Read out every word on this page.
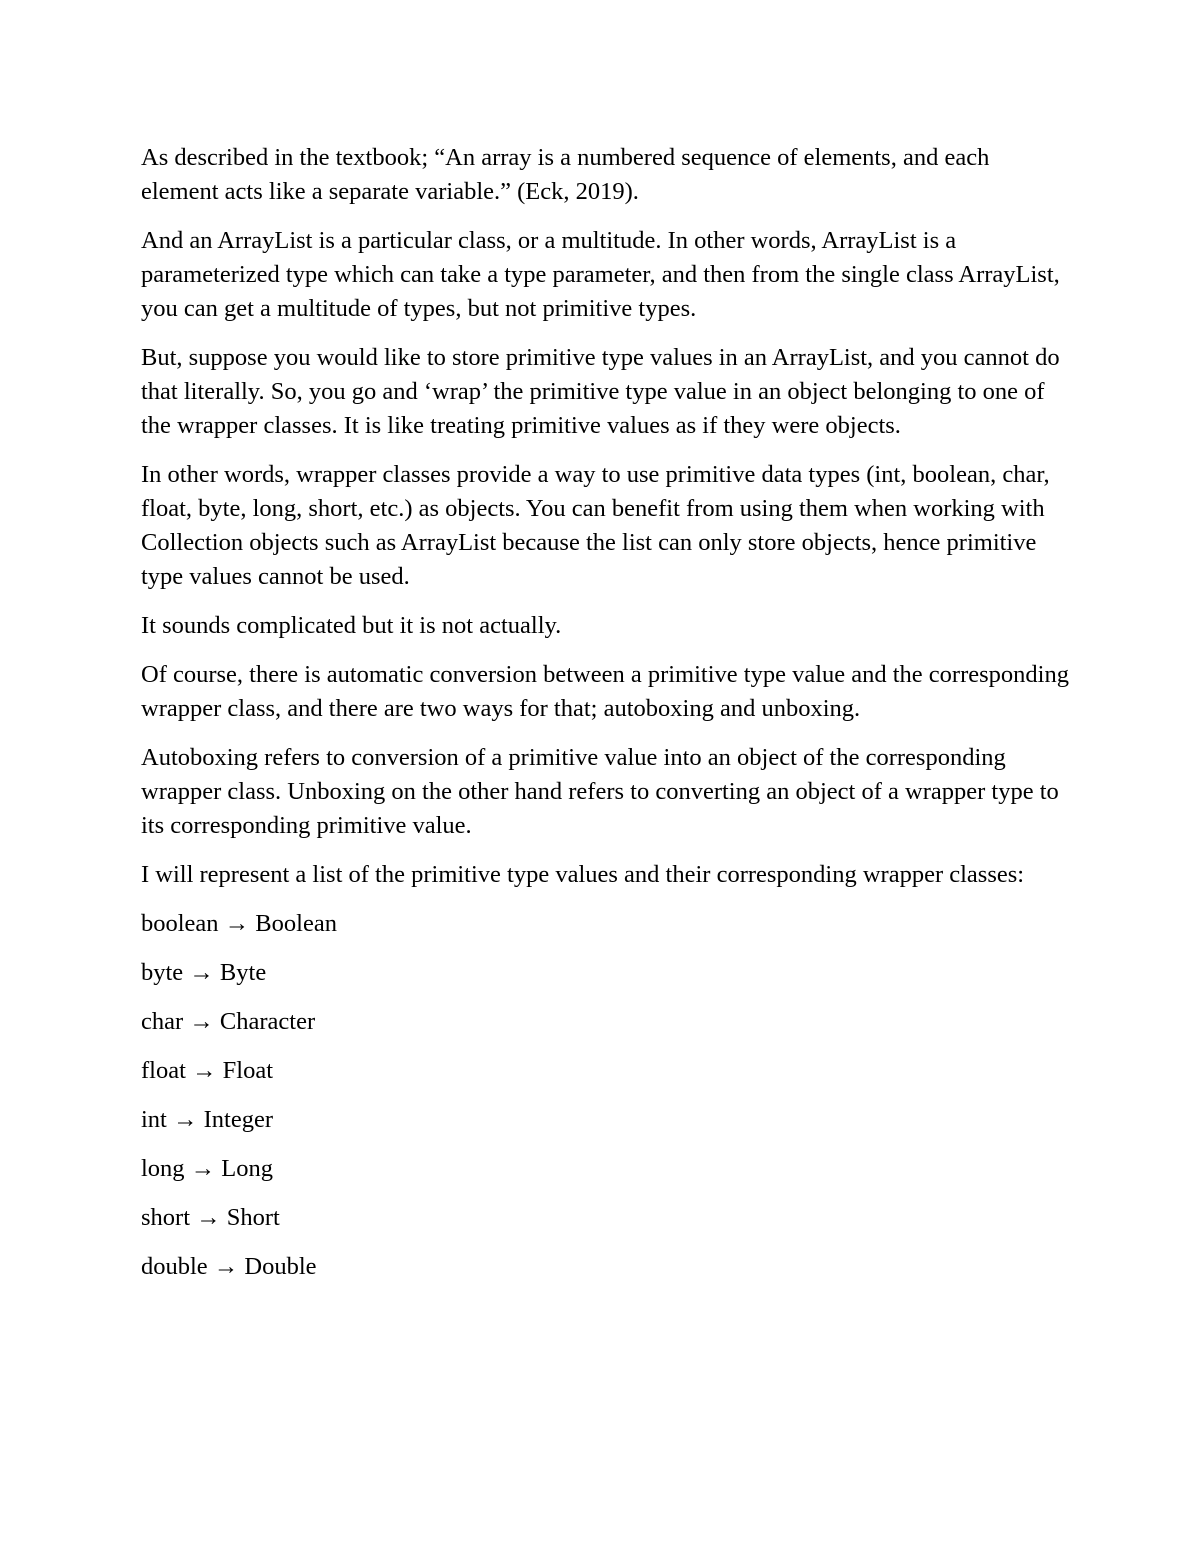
As described in the textbook; “An array is a numbered sequence of elements, and each element acts like a separate variable.” (Eck, 2019).

And an ArrayList is a particular class, or a multitude. In other words, ArrayList is a parameterized type which can take a type parameter, and then from the single class ArrayList, you can get a multitude of types, but not primitive types.

But, suppose you would like to store primitive type values in an ArrayList, and you cannot do that literally. So, you go and ‘wrap’ the primitive type value in an object belonging to one of the wrapper classes. It is like treating primitive values as if they were objects.

In other words, wrapper classes provide a way to use primitive data types (int, boolean, char, float, byte, long, short, etc.) as objects. You can benefit from using them when working with Collection objects such as ArrayList because the list can only store objects, hence primitive type values cannot be used.

It sounds complicated but it is not actually.

Of course, there is automatic conversion between a primitive type value and the corresponding wrapper class, and there are two ways for that; autoboxing and unboxing.

Autoboxing refers to conversion of a primitive value into an object of the corresponding wrapper class. Unboxing on the other hand refers to converting an object of a wrapper type to its corresponding primitive value.

I will represent a list of the primitive type values and their corresponding wrapper classes:

boolean → Boolean

byte → Byte

char → Character

float → Float

int → Integer

long → Long

short → Short

double → Double
